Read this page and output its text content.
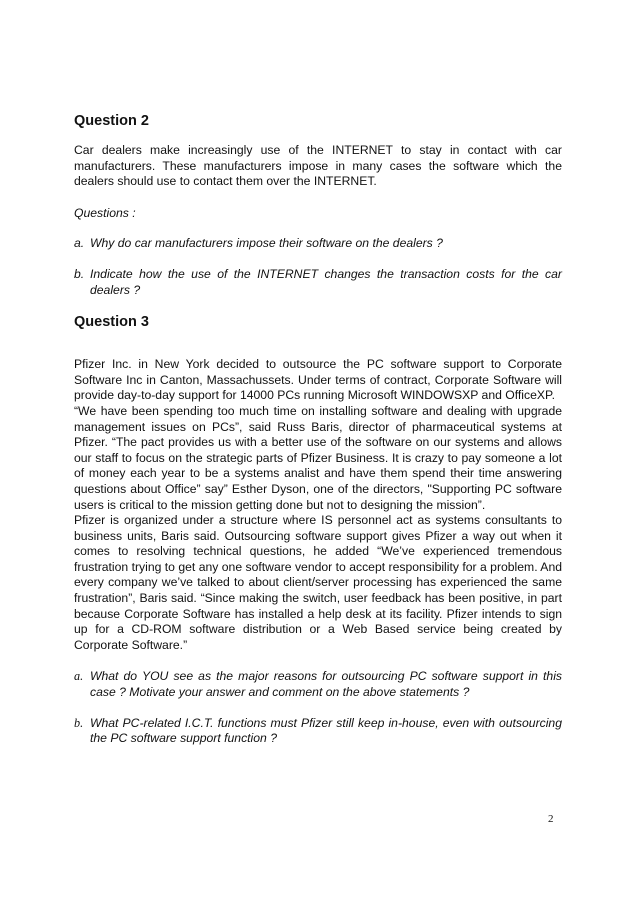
Question 2

Car dealers make increasingly use of the INTERNET to stay in contact with car manufacturers. These manufacturers impose in many cases the software which the dealers should use to contact them over the INTERNET.

Questions :

a. Why do car manufacturers impose their software on the dealers ?
b. Indicate how the use of the INTERNET changes the transaction costs for the car dealers ?
Question 3

Pfizer Inc. in New York decided to outsource the PC software support to Corporate Software Inc in Canton, Massachussets. Under terms of contract, Corporate Software will provide day-to-day support for 14000 PCs running Microsoft WINDOWSXP and OfficeXP.

“We have been spending too much time on installing software and dealing with upgrade management issues on PCs”, said Russ Baris, director of pharmaceutical systems at Pfizer. “The pact provides us with a better use of the software on our systems and allows our staff to focus on the strategic parts of Pfizer Business. It is crazy to pay someone a lot of money each year to be a systems analist and have them spend their time answering questions about Office” say” Esther Dyson, one of the directors, "Supporting PC software users is critical to the mission getting done but not to designing the mission”.

Pfizer is organized under a structure where IS personnel act as systems consultants to business units, Baris said. Outsourcing software support gives Pfizer a way out when it comes to resolving technical questions, he added “We’ve experienced tremendous frustration trying to get any one software vendor to accept responsibility for a problem. And every company we’ve talked to about client/server processing has experienced the same frustration”, Baris said. “Since making the switch, user feedback has been positive, in part because Corporate Software has installed a help desk at its facility. Pfizer intends to sign up for a CD-ROM software distribution or a Web Based service being created by Corporate Software.”

a. What do YOU see as the major reasons for outsourcing PC software support in this case ? Motivate your answer and comment on the above statements ?
b. What PC-related I.C.T. functions must Pfizer still keep in-house, even with outsourcing the PC software support function ?
2
